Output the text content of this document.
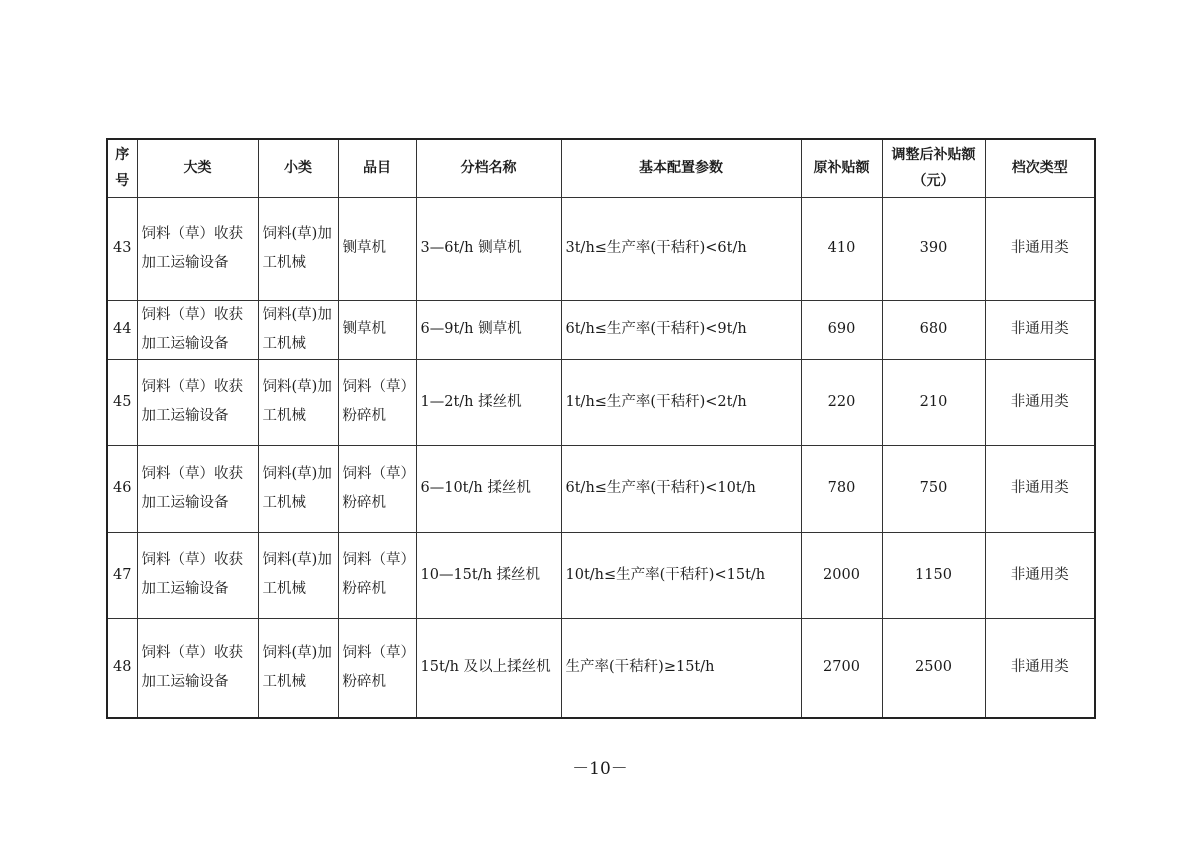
序号	大类	小类	品目	分档名称	基本配置参数	原补贴额	调整后补贴额（元）	档次类型
43	饲料（草）收获加工运输设备	饲料(草)加工机械	铡草机	3—6t/h 铡草机	3t/h≤生产率(干秸秆)<6t/h	410	390	非通用类
44	饲料（草）收获加工运输设备	饲料(草)加工机械	铡草机	6—9t/h 铡草机	6t/h≤生产率(干秸秆)<9t/h	690	680	非通用类
45	饲料（草）收获加工运输设备	饲料(草)加工机械	饲料（草）粉碎机	1—2t/h 揉丝机	1t/h≤生产率(干秸秆)<2t/h	220	210	非通用类
46	饲料（草）收获加工运输设备	饲料(草)加工机械	饲料（草）粉碎机	6—10t/h 揉丝机	6t/h≤生产率(干秸秆)<10t/h	780	750	非通用类
47	饲料（草）收获加工运输设备	饲料(草)加工机械	饲料（草）粉碎机	10—15t/h 揉丝机	10t/h≤生产率(干秸秆)<15t/h	2000	1150	非通用类
48	饲料（草）收获加工运输设备	饲料(草)加工机械	饲料（草）粉碎机	15t/h 及以上揉丝机	生产率(干秸秆)≥15t/h	2700	2500	非通用类
－10－
